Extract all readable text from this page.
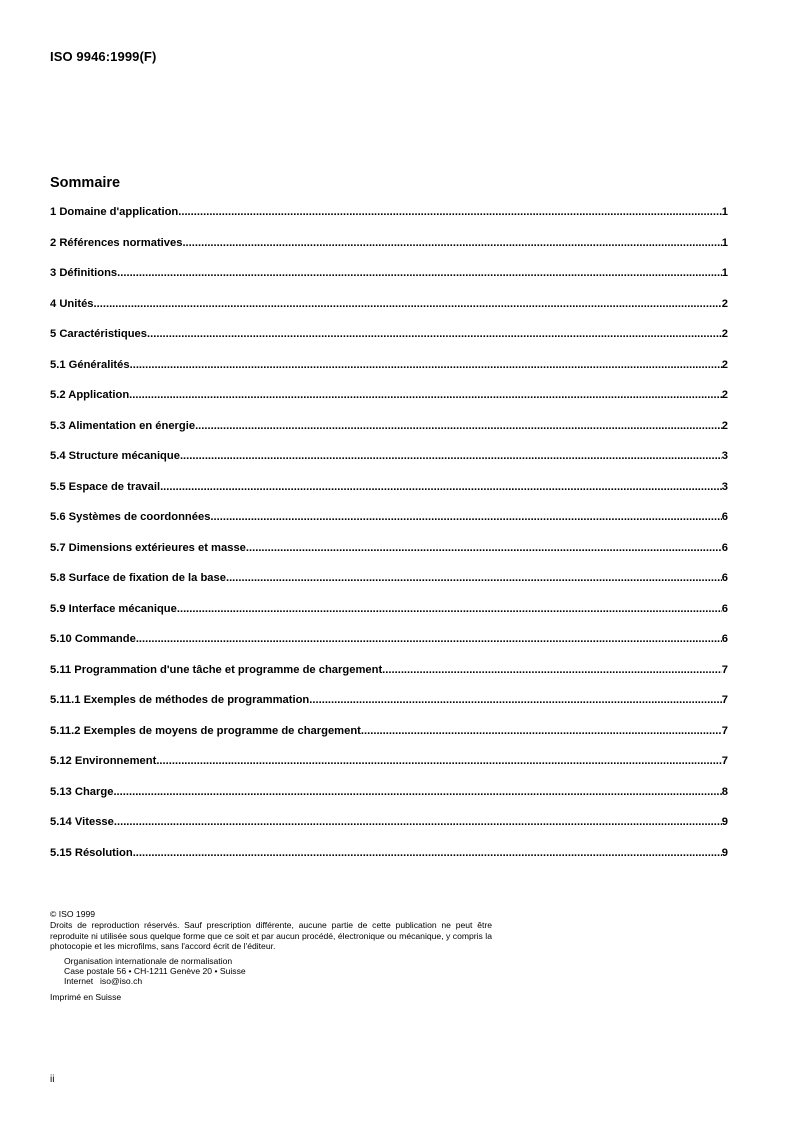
ISO 9946:1999(F)
Sommaire
1 Domaine d'application .....	1
2 Références normatives .....	1
3 Définitions .....	1
4 Unités .....	2
5 Caractéristiques .....	2
5.1 Généralités .....	2
5.2 Application .....	2
5.3 Alimentation en énergie .....	2
5.4 Structure mécanique .....	3
5.5 Espace de travail .....	3
5.6 Systèmes de coordonnées .....	6
5.7 Dimensions extérieures et masse .....	6
5.8 Surface de fixation de la base .....	6
5.9 Interface mécanique .....	6
5.10 Commande .....	6
5.11 Programmation d'une tâche et programme de chargement .....	7
5.11.1 Exemples de méthodes de programmation .....	7
5.11.2 Exemples de moyens de programme de chargement .....	7
5.12 Environnement .....	7
5.13 Charge .....	8
5.14 Vitesse .....	9
5.15 Résolution .....	9
© ISO 1999
Droits de reproduction réservés. Sauf prescription différente, aucune partie de cette publication ne peut être reproduite ni utilisée sous quelque forme que ce soit et par aucun procédé, électronique ou mécanique, y compris la photocopie et les microfilms, sans l'accord écrit de l'éditeur.
Organisation internationale de normalisation
Case postale 56 • CH-1211 Genève 20 • Suisse
Internet iso@iso.ch
Imprimé en Suisse
ii
